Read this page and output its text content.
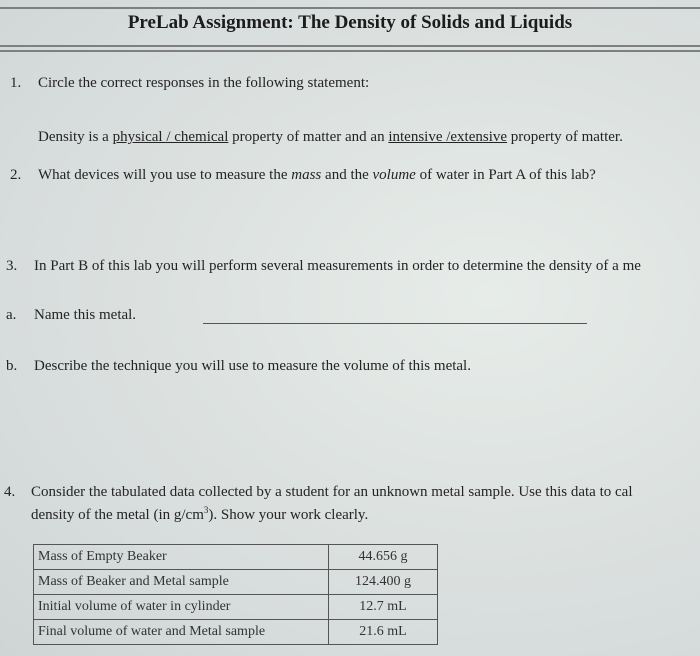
PreLab Assignment: The Density of Solids and Liquids
1. Circle the correct responses in the following statement:
Density is a physical / chemical property of matter and an intensive /extensive property of matter.
2. What devices will you use to measure the mass and the volume of water in Part A of this lab?
3. In Part B of this lab you will perform several measurements in order to determine the density of a me
a. Name this metal.
b. Describe the technique you will use to measure the volume of this metal.
4. Consider the tabulated data collected by a student for an unknown metal sample. Use this data to cal
density of the metal (in $g/cm^3$). Show your work clearly.
Mass of Empty Beaker	44.656 g
Mass of Beaker and Metal sample	124.400 g
Initial volume of water in cylinder	12.7 mL
Final volume of water and Metal sample	21.6 mL
